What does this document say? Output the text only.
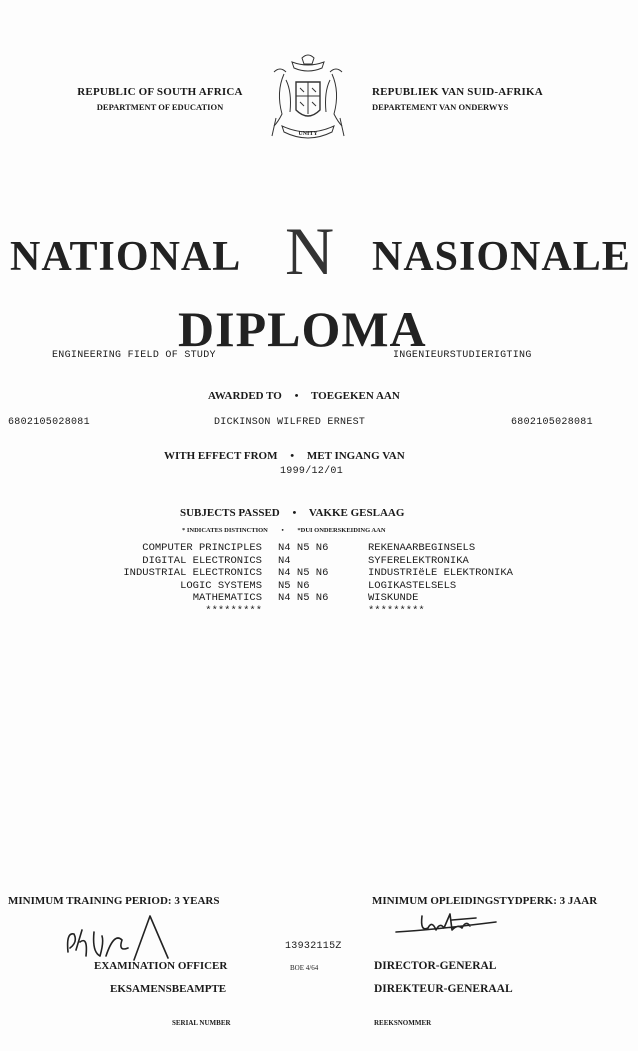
REPUBLIC OF SOUTH AFRICA
DEPARTMENT OF EDUCATION
REPUBLIEK VAN SUID-AFRIKA
DEPARTEMENT VAN ONDERWYS
UNITY
NATIONAL N NASIONALE
DIPLOMA
ENGINEERING FIELD OF STUDY	INGENIEURSTUDIERIGTING
AWARDED TO • TOEGEKEN AAN
6802105028081	DICKINSON WILFRED ERNEST	6802105028081
WITH EFFECT FROM • MET INGANG VAN
1999/12/01
SUBJECTS PASSED • VAKKE GESLAAG
* INDICATES DISTINCTION • *DUI ONDERSKEIDING AAN
COMPUTER PRINCIPLES N4 N5 N6	REKENAARBEGINSELS
DIGITAL ELECTRONICS N4	SYFERELEKTRONIKA
INDUSTRIAL ELECTRONICS N4 N5 N6	INDUSTRIëLE ELEKTRONIKA
LOGIC SYSTEMS N5 N6	LOGIKASTELSELS
MATHEMATICS N4 N5 N6	WISKUNDE
*********	*********
MINIMUM TRAINING PERIOD: 3 YEARS	MINIMUM OPLEIDINGSTYDPERK: 3 JAAR
13932115Z
BOE 4/64
EXAMINATION OFFICER
EKSAMENSBEAMPTE
DIRECTOR-GENERAL
DIREKTEUR-GENERAAL
SERIAL NUMBER	REEKSNOMMER
